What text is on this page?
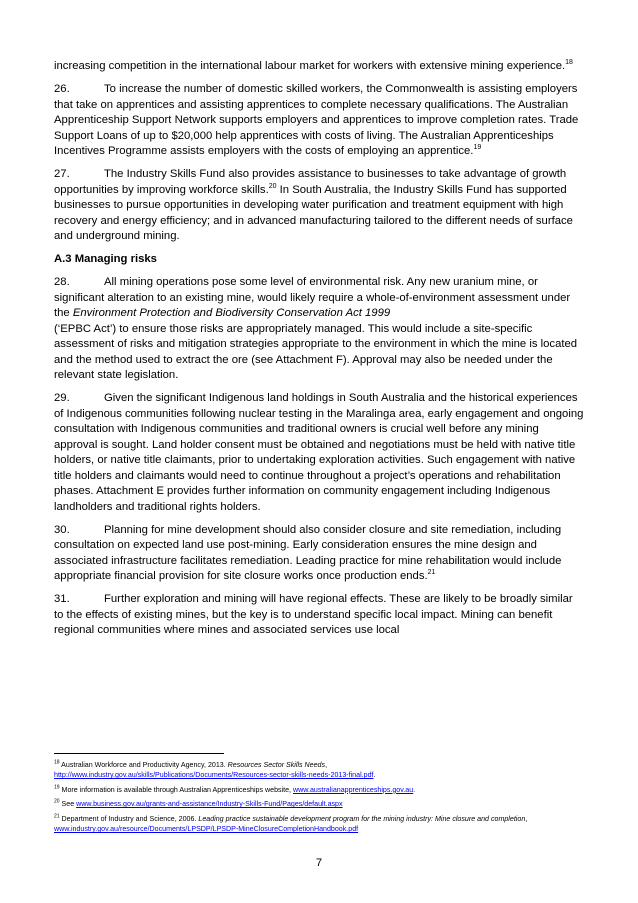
increasing competition in the international labour market for workers with extensive mining experience.$^{18}$

26.	To increase the number of domestic skilled workers, the Commonwealth is assisting employers that take on apprentices and assisting apprentices to complete necessary qualifications. The Australian Apprenticeship Support Network supports employers and apprentices to improve completion rates. Trade Support Loans of up to $20,000 help apprentices with costs of living. The Australian Apprenticeships Incentives Programme assists employers with the costs of employing an apprentice.$^{19}$

27.	The Industry Skills Fund also provides assistance to businesses to take advantage of growth opportunities by improving workforce skills.$^{20}$ In South Australia, the Industry Skills Fund has supported businesses to pursue opportunities in developing water purification and treatment equipment with high recovery and energy efficiency; and in advanced manufacturing tailored to the different needs of surface and underground mining.

A.3 Managing risks

28.	All mining operations pose some level of environmental risk. Any new uranium mine, or significant alteration to an existing mine, would likely require a whole-of-environment assessment under the Environment Protection and Biodiversity Conservation Act 1999
(‘EPBC Act’) to ensure those risks are appropriately managed. This would include a site-specific assessment of risks and mitigation strategies appropriate to the environment in which the mine is located and the method used to extract the ore (see Attachment F). Approval may also be needed under the relevant state legislation.

29.	Given the significant Indigenous land holdings in South Australia and the historical experiences of Indigenous communities following nuclear testing in the Maralinga area, early engagement and ongoing consultation with Indigenous communities and traditional owners is crucial well before any mining approval is sought. Land holder consent must be obtained and negotiations must be held with native title holders, or native title claimants, prior to undertaking exploration activities. Such engagement with native title holders and claimants would need to continue throughout a project’s operations and rehabilitation phases. Attachment E provides further information on community engagement including Indigenous landholders and traditional rights holders.

30.	Planning for mine development should also consider closure and site remediation, including consultation on expected land use post-mining. Early consideration ensures the mine design and associated infrastructure facilitates remediation. Leading practice for mine rehabilitation would include appropriate financial provision for site closure works once production ends.$^{21}$

31.	Further exploration and mining will have regional effects. These are likely to be broadly similar to the effects of existing mines, but the key is to understand specific local impact. Mining can benefit regional communities where mines and associated services use local

$^{18}$ Australian Workforce and Productivity Agency, 2013. Resources Sector Skills Needs,
http://www.industry.gov.au/skills/Publications/Documents/Resources-sector-skills-needs-2013-final.pdf.

$^{19}$ More information is available through Australian Apprenticeships website, www.australianapprenticeships.gov.au.

$^{20}$ See www.business.gov.au/grants-and-assistance/Industry-Skills-Fund/Pages/default.aspx

$^{21}$ Department of Industry and Science, 2006. Leading practice sustainable development program for the mining industry: Mine closure and completion, www.industry.gov.au/resource/Documents/LPSDP/LPSDP-MineClosureCompletionHandbook.pdf

7
